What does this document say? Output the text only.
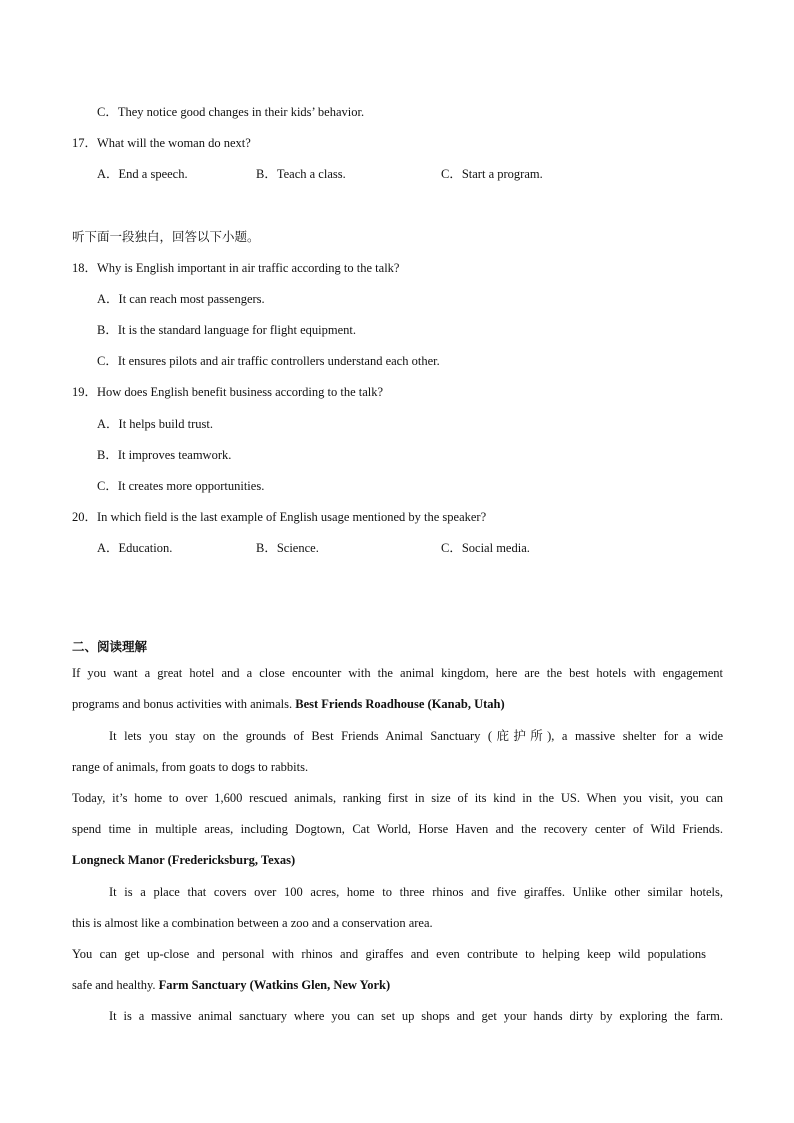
C．They notice good changes in their kids’ behavior.
17．What will the woman do next?
A．End a speech.	B．Teach a class.	C．Start a program.
听下面一段独白，回答以下小题。
18．Why is English important in air traffic according to the talk?
A．It can reach most passengers.
B．It is the standard language for flight equipment.
C．It ensures pilots and air traffic controllers understand each other.
19．How does English benefit business according to the talk?
A．It helps build trust.
B．It improves teamwork.
C．It creates more opportunities.
20．In which field is the last example of English usage mentioned by the speaker?
A．Education.	B．Science.	C．Social media.
二、阅读理解
If you want a great hotel and a close encounter with the animal kingdom, here are the best hotels with engagement
programs and bonus activities with animals. Best Friends Roadhouse (Kanab, Utah)
It lets you stay on the grounds of Best Friends Animal Sanctuary (庇护所), a massive shelter for a wide
range of animals, from goats to dogs to rabbits.
Today, it’s home to over 1,600 rescued animals, ranking first in size of its kind in the US. When you visit, you can
spend time in multiple areas, including Dogtown, Cat World, Horse Haven and the recovery center of Wild Friends.
Longneck Manor (Fredericksburg, Texas)
It is a place that covers over 100 acres, home to three rhinos and five giraffes. Unlike other similar hotels,
this is almost like a combination between a zoo and a conservation area.
You can get up-close and personal with rhinos and giraffes and even contribute to helping keep wild populations
safe and healthy. Farm Sanctuary (Watkins Glen, New York)
It is a massive animal sanctuary where you can set up shops and get your hands dirty by exploring the farm.
